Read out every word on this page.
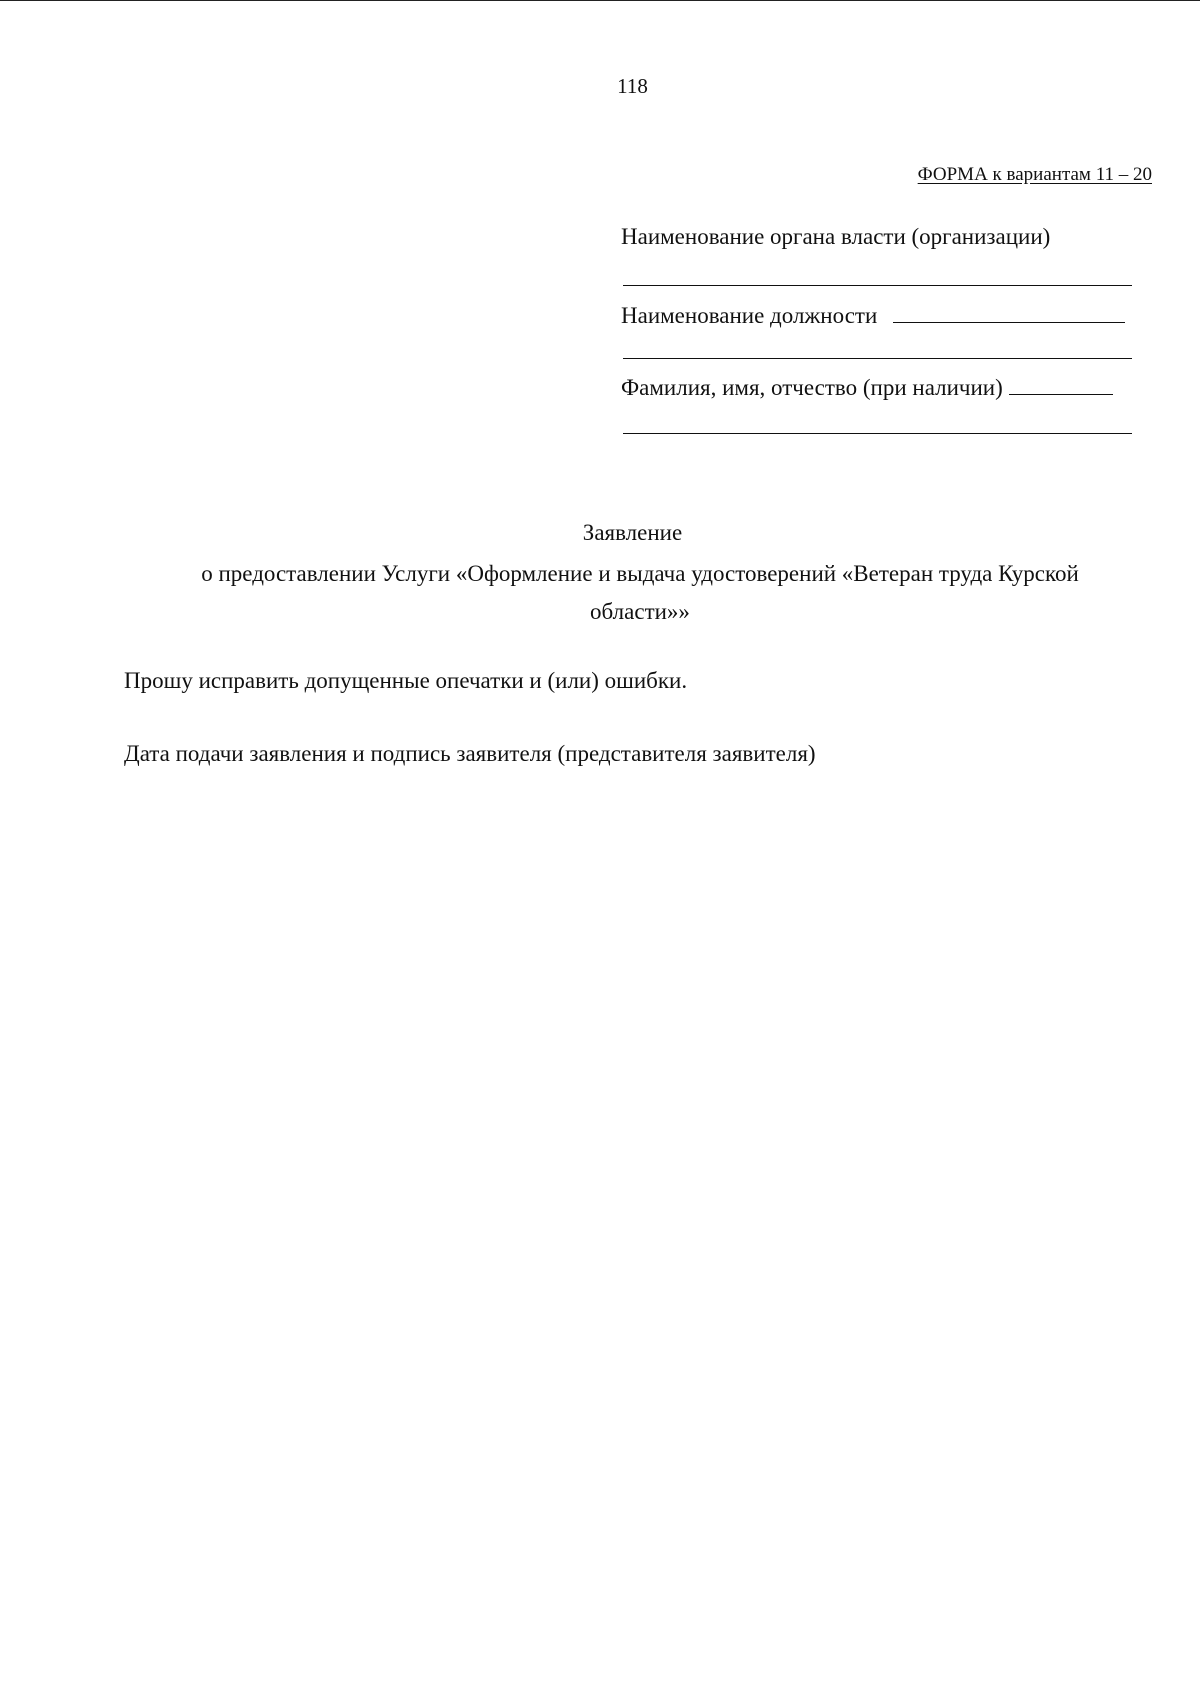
118
ФОРМА к вариантам 11 – 20
Наименование органа власти (организации)
Наименование должности
Фамилия, имя, отчество (при наличии)
Заявление
о предоставлении Услуги «Оформление и выдача удостоверений «Ветеран труда Курской области»»
Прошу исправить допущенные опечатки и (или) ошибки.
Дата подачи заявления и подпись заявителя (представителя заявителя)
